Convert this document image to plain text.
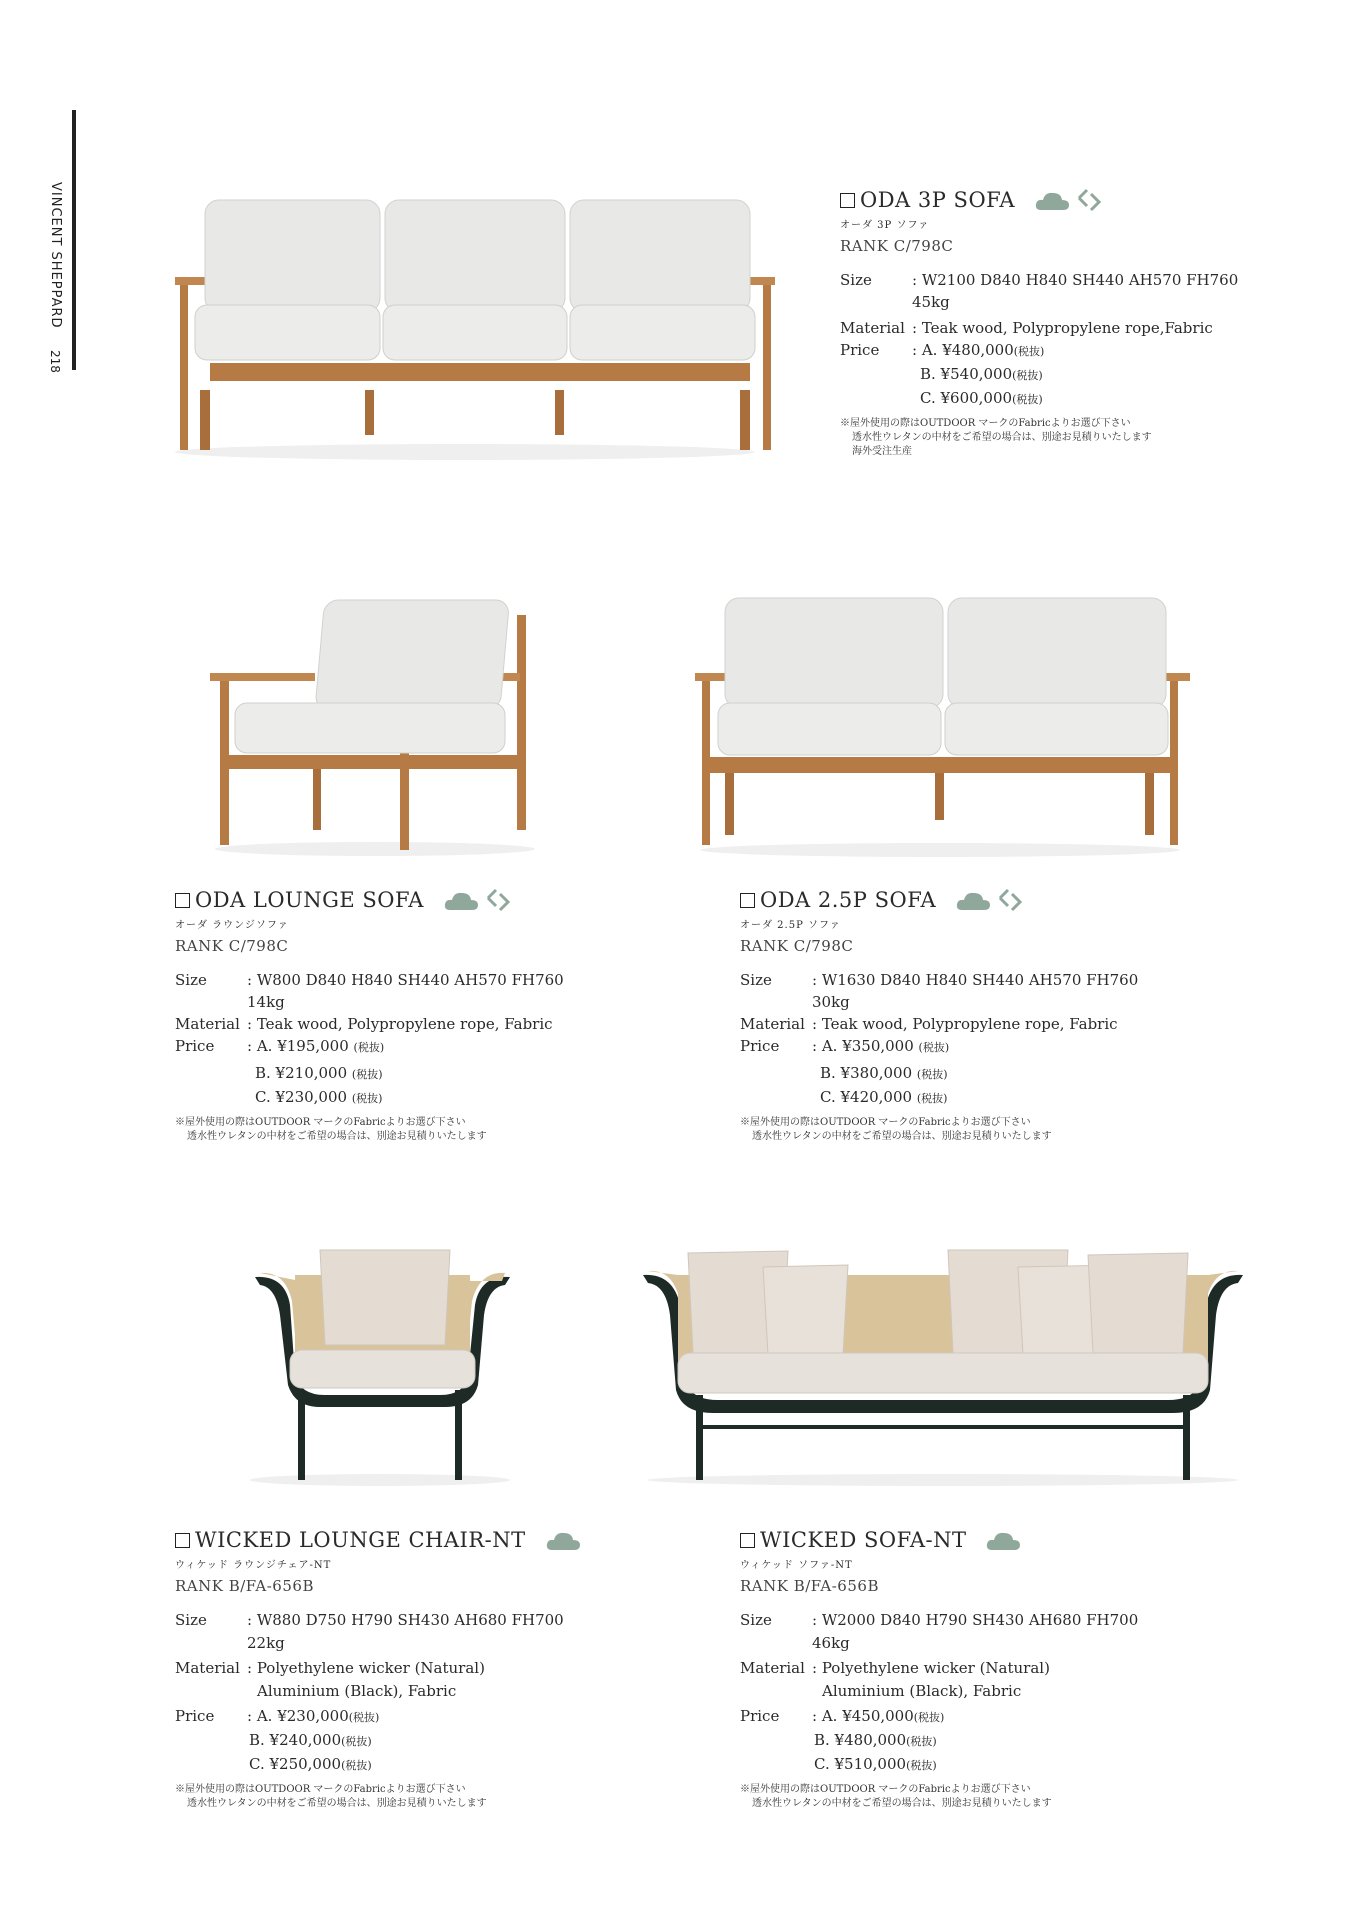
VINCENT SHEPPARD
218
ODA 3P SOFA
オーダ 3P ソファ
RANK C/798C
Size	: W2100 D840 H840 SH440 AH570 FH760 45kg
Material : Teak wood, Polypropylene rope,Fabric
Price	: A. ¥480,000(税抜)
B. ¥540,000(税抜)
C. ¥600,000(税抜)
※屋外使用の際はOUTDOOR マークのFabricよりお選び下さい
透水性ウレタンの中材をご希望の場合は、別途お見積りいたします
海外受注生産
ODA LOUNGE SOFA
オーダ ラウンジソファ
RANK C/798C
Size	: W800 D840 H840 SH440 AH570 FH760 14kg
Material : Teak wood, Polypropylene rope, Fabric
Price	: A. ¥195,000 (税抜)
B. ¥210,000 (税抜)
C. ¥230,000 (税抜)
※屋外使用の際はOUTDOOR マークのFabricよりお選び下さい
透水性ウレタンの中材をご希望の場合は、別途お見積りいたします
ODA 2.5P SOFA
オーダ 2.5P ソファ
RANK C/798C
Size	: W1630 D840 H840 SH440 AH570 FH760 30kg
Material : Teak wood, Polypropylene rope, Fabric
Price	: A. ¥350,000 (税抜)
B. ¥380,000 (税抜)
C. ¥420,000 (税抜)
※屋外使用の際はOUTDOOR マークのFabricよりお選び下さい
透水性ウレタンの中材をご希望の場合は、別途お見積りいたします
WICKED LOUNGE CHAIR-NT
ウィケッド ラウンジチェア-NT
RANK B/FA-656B
Size	: W880 D750 H790 SH430 AH680 FH700 22kg
Material : Polyethylene wicker (Natural)
Aluminium (Black), Fabric
Price	: A. ¥230,000(税抜)
B. ¥240,000(税抜)
C. ¥250,000(税抜)
※屋外使用の際はOUTDOOR マークのFabricよりお選び下さい
透水性ウレタンの中材をご希望の場合は、別途お見積りいたします
WICKED SOFA-NT
ウィケッド ソファ-NT
RANK B/FA-656B
Size	: W2000 D840 H790 SH430 AH680 FH700 46kg
Material : Polyethylene wicker (Natural)
Aluminium (Black), Fabric
Price	: A. ¥450,000(税抜)
B. ¥480,000(税抜)
C. ¥510,000(税抜)
※屋外使用の際はOUTDOOR マークのFabricよりお選び下さい
透水性ウレタンの中材をご希望の場合は、別途お見積りいたします
